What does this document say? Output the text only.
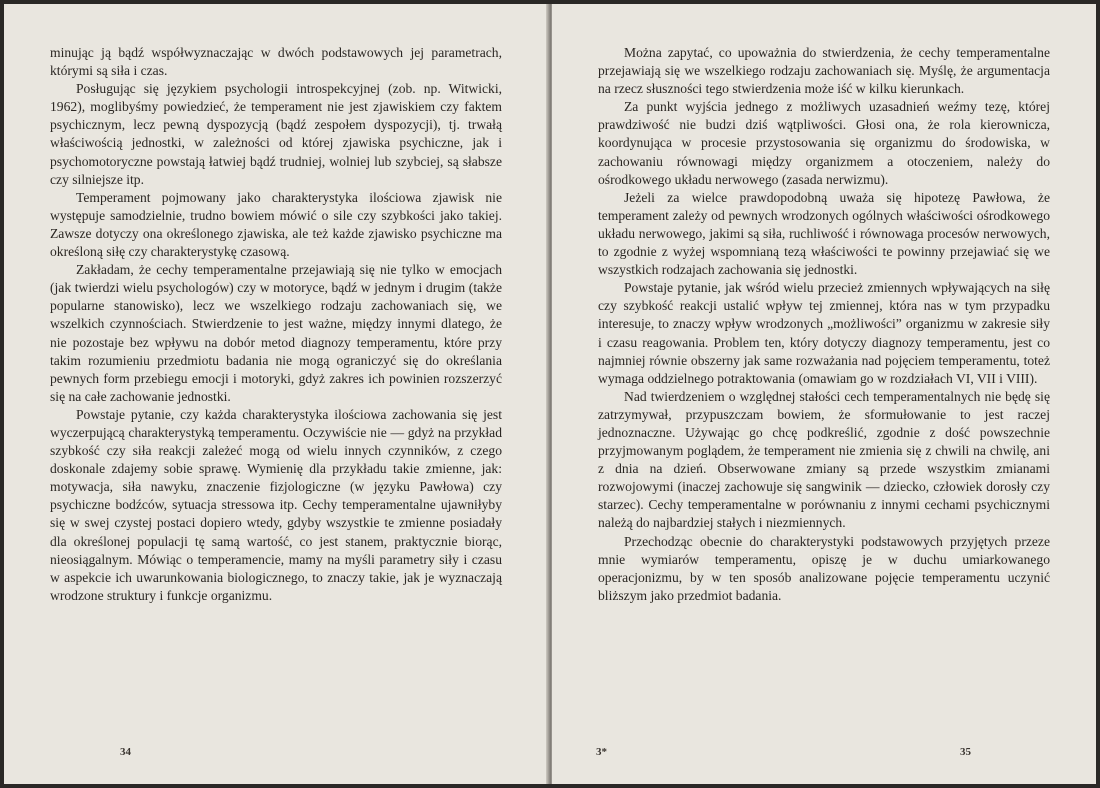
minując ją bądź współwyznaczając w dwóch podstawowych jej parametrach, którymi są siła i czas.

Posługując się językiem psychologii introspekcyjnej (zob. np. Witwicki, 1962), moglibyśmy powiedzieć, że temperament nie jest zjawiskiem czy faktem psychicznym, lecz pewną dyspozycją (bądź zespołem dyspozycji), tj. trwałą właściwością jednostki, w zależności od której zjawiska psychiczne, jak i psychomotoryczne powstają łatwiej bądź trudniej, wolniej lub szybciej, są słabsze czy silniejsze itp.

Temperament pojmowany jako charakterystyka ilościowa zjawisk nie występuje samodzielnie, trudno bowiem mówić o sile czy szybkości jako takiej. Zawsze dotyczy ona określonego zjawiska, ale też każde zjawisko psychiczne ma określoną siłę czy charakterystykę czasową.

Zakładam, że cechy temperamentalne przejawiają się nie tylko w emocjach (jak twierdzi wielu psychologów) czy w motoryce, bądź w jednym i drugim (także popularne stanowisko), lecz we wszelkiego rodzaju zachowaniach się, we wszelkich czynnościach. Stwierdzenie to jest ważne, między innymi dlatego, że nie pozostaje bez wpływu na dobór metod diagnozy temperamentu, które przy takim rozumieniu przedmiotu badania nie mogą ograniczyć się do określania pewnych form przebiegu emocji i motoryki, gdyż zakres ich powinien rozszerzyć się na całe zachowanie jednostki.

Powstaje pytanie, czy każda charakterystyka ilościowa zachowania się jest wyczerpującą charakterystyką temperamentu. Oczywiście nie — gdyż na przykład szybkość czy siła reakcji zależeć mogą od wielu innych czynników, z czego doskonale zdajemy sobie sprawę. Wymienię dla przykładu takie zmienne, jak: motywacja, siła nawyku, znaczenie fizjologiczne (w języku Pawłowa) czy psychiczne bodźców, sytuacja stressowa itp. Cechy temperamentalne ujawniłyby się w swej czystej postaci dopiero wtedy, gdyby wszystkie te zmienne posiadały dla określonej populacji tę samą wartość, co jest stanem, praktycznie biorąc, nieosiągalnym. Mówiąc o temperamencie, mamy na myśli parametry siły i czasu w aspekcie ich uwarunkowania biologicznego, to znaczy takie, jak je wyznaczają wrodzone struktury i funkcje organizmu.

34

Można zapytać, co upoważnia do stwierdzenia, że cechy temperamentalne przejawiają się we wszelkiego rodzaju zachowaniach się. Myślę, że argumentacja na rzecz słuszności tego stwierdzenia może iść w kilku kierunkach.

Za punkt wyjścia jednego z możliwych uzasadnień weźmy tezę, której prawdziwość nie budzi dziś wątpliwości. Głosi ona, że rola kierownicza, koordynująca w procesie przystosowania się organizmu do środowiska, w zachowaniu równowagi między organizmem a otoczeniem, należy do ośrodkowego układu nerwowego (zasada nerwizmu).

Jeżeli za wielce prawdopodobną uważa się hipotezę Pawłowa, że temperament zależy od pewnych wrodzonych ogólnych właściwości ośrodkowego układu nerwowego, jakimi są siła, ruchliwość i równowaga procesów nerwowych, to zgodnie z wyżej wspomnianą tezą właściwości te powinny przejawiać się we wszystkich rodzajach zachowania się jednostki.

Powstaje pytanie, jak wśród wielu przecież zmiennych wpływających na siłę czy szybkość reakcji ustalić wpływ tej zmiennej, która nas w tym przypadku interesuje, to znaczy wpływ wrodzonych „możliwości” organizmu w zakresie siły i czasu reagowania. Problem ten, który dotyczy diagnozy temperamentu, jest co najmniej równie obszerny jak same rozważania nad pojęciem temperamentu, toteż wymaga oddzielnego potraktowania (omawiam go w rozdziałach VI, VII i VIII).

Nad twierdzeniem o względnej stałości cech temperamentalnych nie będę się zatrzymywał, przypuszczam bowiem, że sformułowanie to jest raczej jednoznaczne. Używając go chcę podkreślić, zgodnie z dość powszechnie przyjmowanym poglądem, że temperament nie zmienia się z chwili na chwilę, ani z dnia na dzień. Obserwowane zmiany są przede wszystkim zmianami rozwojowymi (inaczej zachowuje się sangwinik — dziecko, człowiek dorosły czy starzec). Cechy temperamentalne w porównaniu z innymi cechami psychicznymi należą do najbardziej stałych i niezmiennych.

Przechodząc obecnie do charakterystyki podstawowych przyjętych przeze mnie wymiarów temperamentu, opiszę je w duchu umiarkowanego operacjonizmu, by w ten sposób analizowane pojęcie temperamentu uczynić bliższym jako przedmiot badania.

3*	35
